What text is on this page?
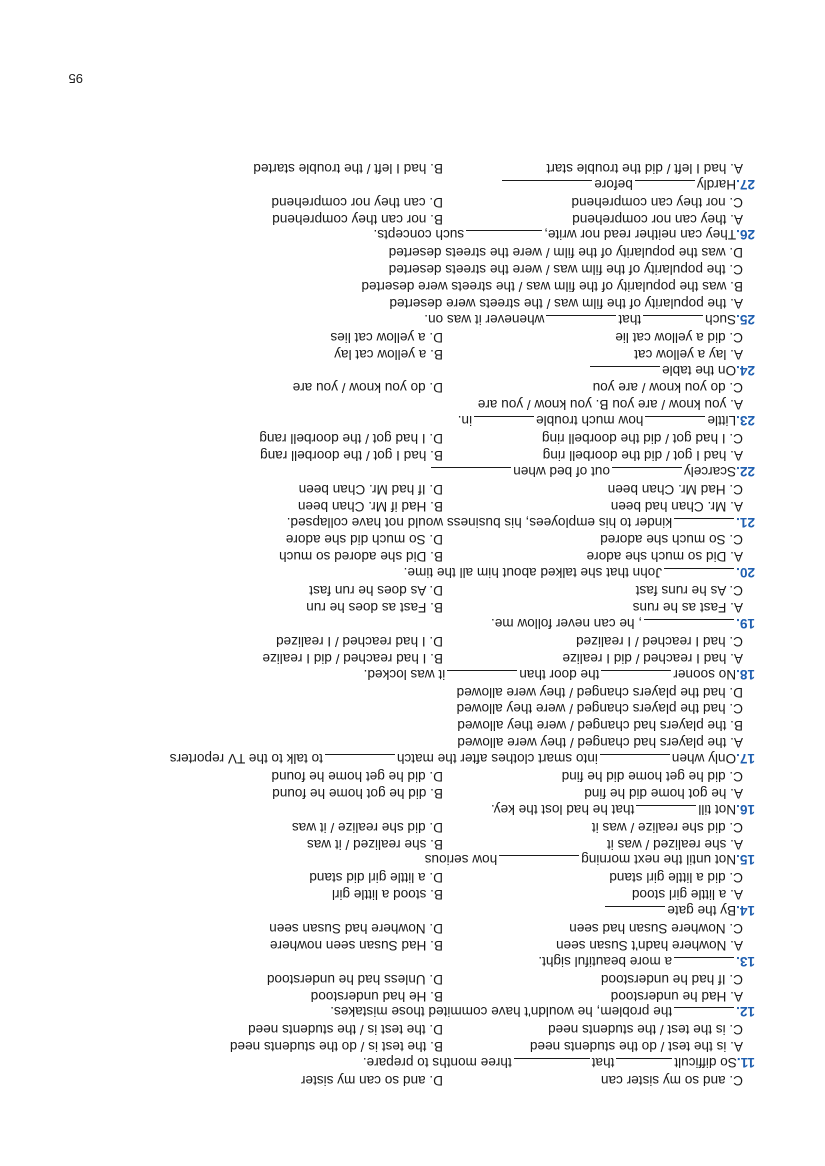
C. and so my sister can
D. and so can my sister
11.So difficultthatthree months to prepare.
A. is the test / do the students need
B. the test is / do the students need
C. is the test / the students need
D. the test is / the students need
12.the problem, he wouldn't have commited those mistakes.
A. Had he understood
B. He had understood
C. If had he understood
D. Unless had he understood
13.a more beautiful sight.
A. Nowhere hadn't Susan seen
B. Had Susan seen nowhere
C. Nowhere Susan had seen
D. Nowhere had Susan seen
14.By the gate
A. a little girl stood
B. stood a little girl
C. did a little girl stand
D. a little girl did stand
15.Not until the next morninghow serious
A. she realized / was it
B. she realized / it was
C. did she realize / was it
D. did she realize / it was
16.Not tillthat he had lost the key.
A. he got home did he find
B. did he got home he found
C. did he get home did he find
D. did he get home he found
17.Only wheninto smart clothes after the matchto talk to the TV reporters
A. the players had changed / they were allowed
B. the players had changed / were they allowed
C. had the players changed / were they allowed
D. had the players changed / they were allowed
18.No soonerthe door thanit was locked.
A. had I reached / did I realize
B. I had reached / did I realize
C. had I reached / I realized
D. I had reached / I realized
19., he can never follow me.
A. Fast as he runs
B. Fast as does he run
C. As he runs fast
D. As does he run fast
20.John that she talked about him all the time.
A. Did so much she adore
B. Did she adored so much
C. So much she adored
D. So much did she adore
21.kinder to his employees, his business would not have collapsed.
A. Mr. Chan had been
B. Had if Mr. Chan been
C. Had Mr. Chan been
D. If had Mr. Chan been
22.Scarcelyout of bed when
A. had I got / did the doorbell ring
B. had I got / the doorbell rang
C. I had got / did the doorbell ring
D. I had got / the doorbell rang
23.Littlehow much troublein.
A. you know / are you B. you know / you are
C. do you know / are you
D. do you know / you are
24.On the table
A. lay a yellow cat
B. a yellow cat lay
C. did a yellow cat lie
D. a yellow cat lies
25.Suchthatwhenever it was on.
A. the popularity of the film was / the streets were deserted
B. was the popularity of the film was / the streets were deserted
C. the popularity of the film was / were the streets deserted
D. was the popularity of the film / were the streets deserted
26.They can neither read nor write,such concepts.
A. they can nor comprehend
B. nor can they comprehend
C. nor they can comprehend
D. can they nor comprehend
27.Hardlybefore
A. had I left / did the trouble start
B. had I left / the trouble started
95
